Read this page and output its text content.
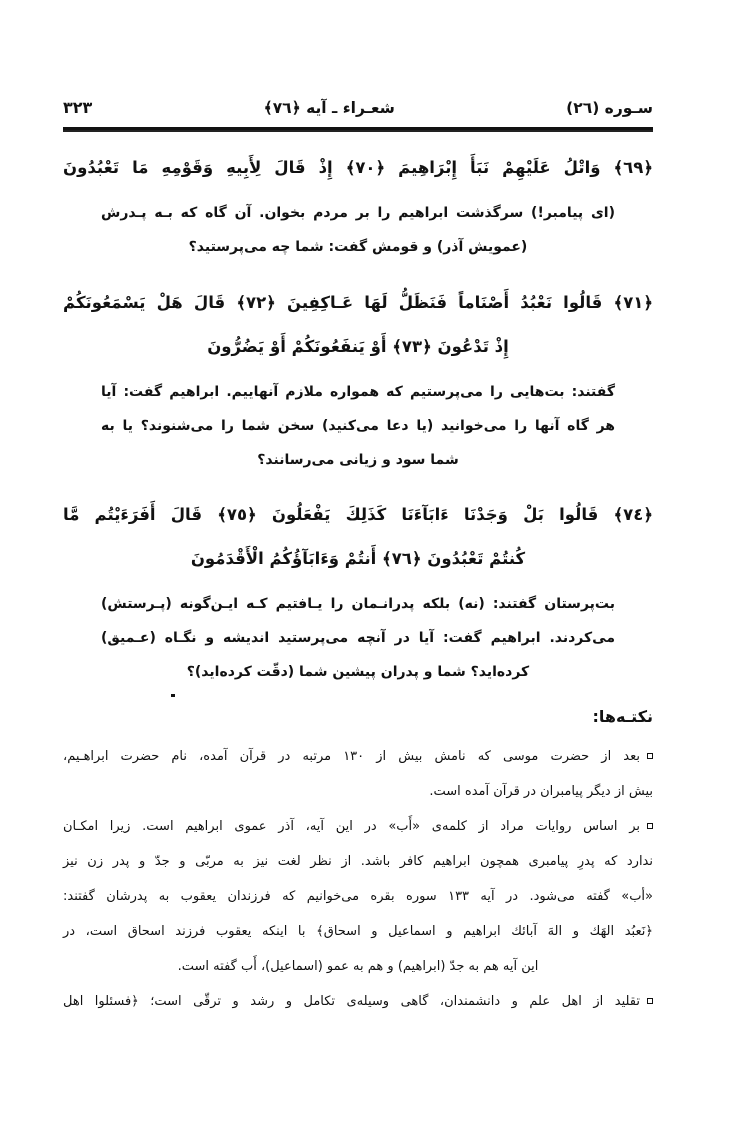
سـوره (٢٦)
شعـراء ـ آیه ﴿٧٦﴾
۳۲۳
﴿٦٩﴾ وَاتْلُ عَلَیْهِمْ نَبَأَ إِبْرَاهِیمَ ﴿٧٠﴾ إِذْ قَالَ لِأَبِیهِ وَقَوْمِهِ مَا تَعْبُدُونَ
(ای پیامبر!) سرگذشت ابراهیم را بر مردم بخوان. آن گاه که بـه پـدرش
(عمویش آذر) و قومش گفت: شما چه می‌پرستید؟
﴿٧١﴾ قَالُوا نَعْبُدُ أَصْنَاماً فَنَظَلُّ لَهَا عَـاكِفِینَ ﴿٧٢﴾ قَالَ هَلْ یَسْمَعُونَكُمْ
إِذْ تَدْعُونَ ﴿٧٣﴾ أَوْ یَنفَعُونَكُمْ أَوْ یَضُرُّونَ
گفتند: بت‌هایی را می‌پرستیم که همواره ملازم آنهاییم. ابراهیم گفت: آیا
هر گاه آنها را می‌خوانید (یا دعا می‌کنید) سخن شما را می‌شنوند؟ یا به
شما سود و زیانی می‌رسانند؟
﴿٧٤﴾ قَالُوا بَلْ وَجَدْنَا ءَابَآءَنَا كَذَلِكَ یَفْعَلُونَ ﴿٧٥﴾ قَالَ أَفَرَءَیْتُم مَّا
كُنتُمْ تَعْبُدُونَ ﴿٧٦﴾ أَنتُمْ وَءَابَآؤُكُمُ الْأَقْدَمُونَ
بت‌پرستان گفتند: (نه) بلکه پدرانـمان را یـافتیم کـه ایـن‌گونه (پـرستش)
می‌کردند. ابراهیم گفت: آیا در آنچه می‌پرستید اندیشه و نگـاه (عـمیق)
کرده‌اید؟ شما و پدران پیشین شما (دقّت کرده‌اید)؟
نکتـه‌ها:
بعد از حضرت موسی که نامش بیش از ۱۳۰ مرتبه در قرآن آمده، نام حضرت ابراهـیم،
بیش از دیگر پیامبران در قرآن آمده است.
بر اساس روایات مراد از کلمه‌ی «أَب» در این آیه، آذر عموی ابراهیم است. زیرا امکـان
ندارد که پدرِ پیامبری همچون ابراهیم کافر باشد. از نظر لغت نیز به مربّی و جدّ و پدر زن نیز
«أب» گفته می‌شود. در آیه ۱۳۳ سوره بقره می‌خوانیم که فرزندان یعقوب به پدرشان گفتند:
﴿نَعبُد الهَك و الهَ آبائك ابراهیم و اسماعیل و اسحاق﴾ با اینکه یعقوب فرزند اسحاق است، در
این آیه هم به جدّ (ابراهیم) و هم به عمو (اسماعیل)، أَب گفته است.
تقلید از اهل علم و دانشمندان، گاهی وسیله‌ی تکامل و رشد و ترقّی است؛ ﴿فسئلوا اهل
